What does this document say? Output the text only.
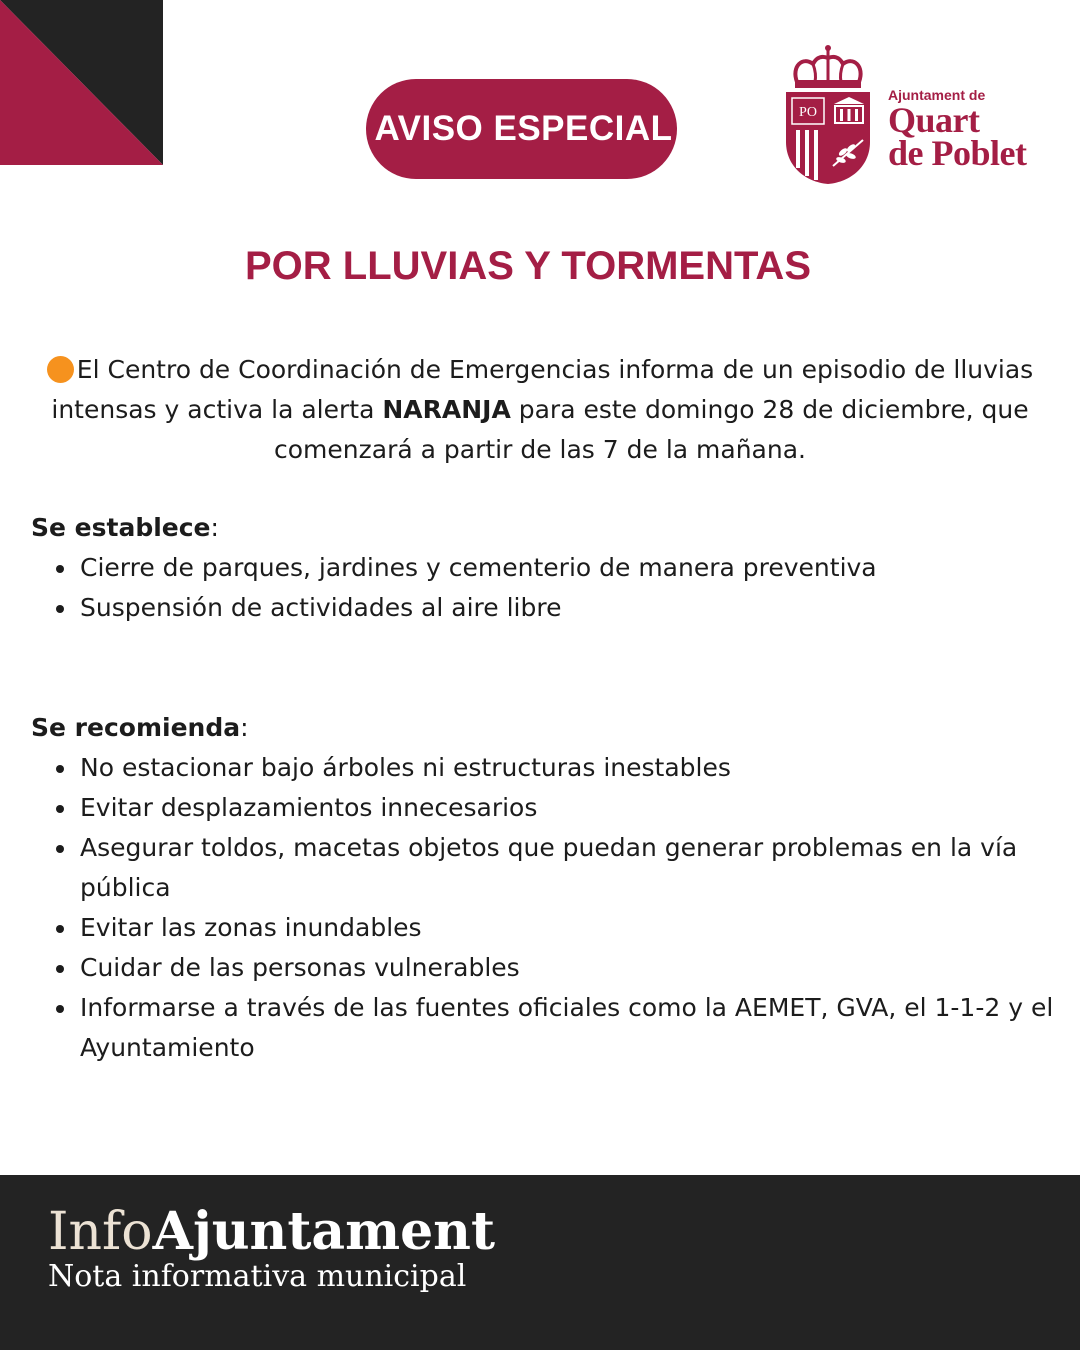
AVISO ESPECIAL	PO
Ajuntament de
Quart
de Poblet
POR LLUVIAS Y TORMENTAS
El Centro de Coordinación de Emergencias informa de un episodio de lluvias intensas y activa la alerta NARANJA para este domingo 28 de diciembre, que comenzará a partir de las 7 de la mañana.
Se establece:
Cierre de parques, jardines y cementerio de manera preventiva
Suspensión de actividades al aire libre
Se recomienda:
No estacionar bajo árboles ni estructuras inestables
Evitar desplazamientos innecesarios
Asegurar toldos, macetas objetos que puedan generar problemas en la vía pública
Evitar las zonas inundables
Cuidar de las personas vulnerables
Informarse a través de las fuentes oficiales como la AEMET, GVA, el 1-1-2 y el Ayuntamiento
InfoAjuntament
Nota informativa municipal
